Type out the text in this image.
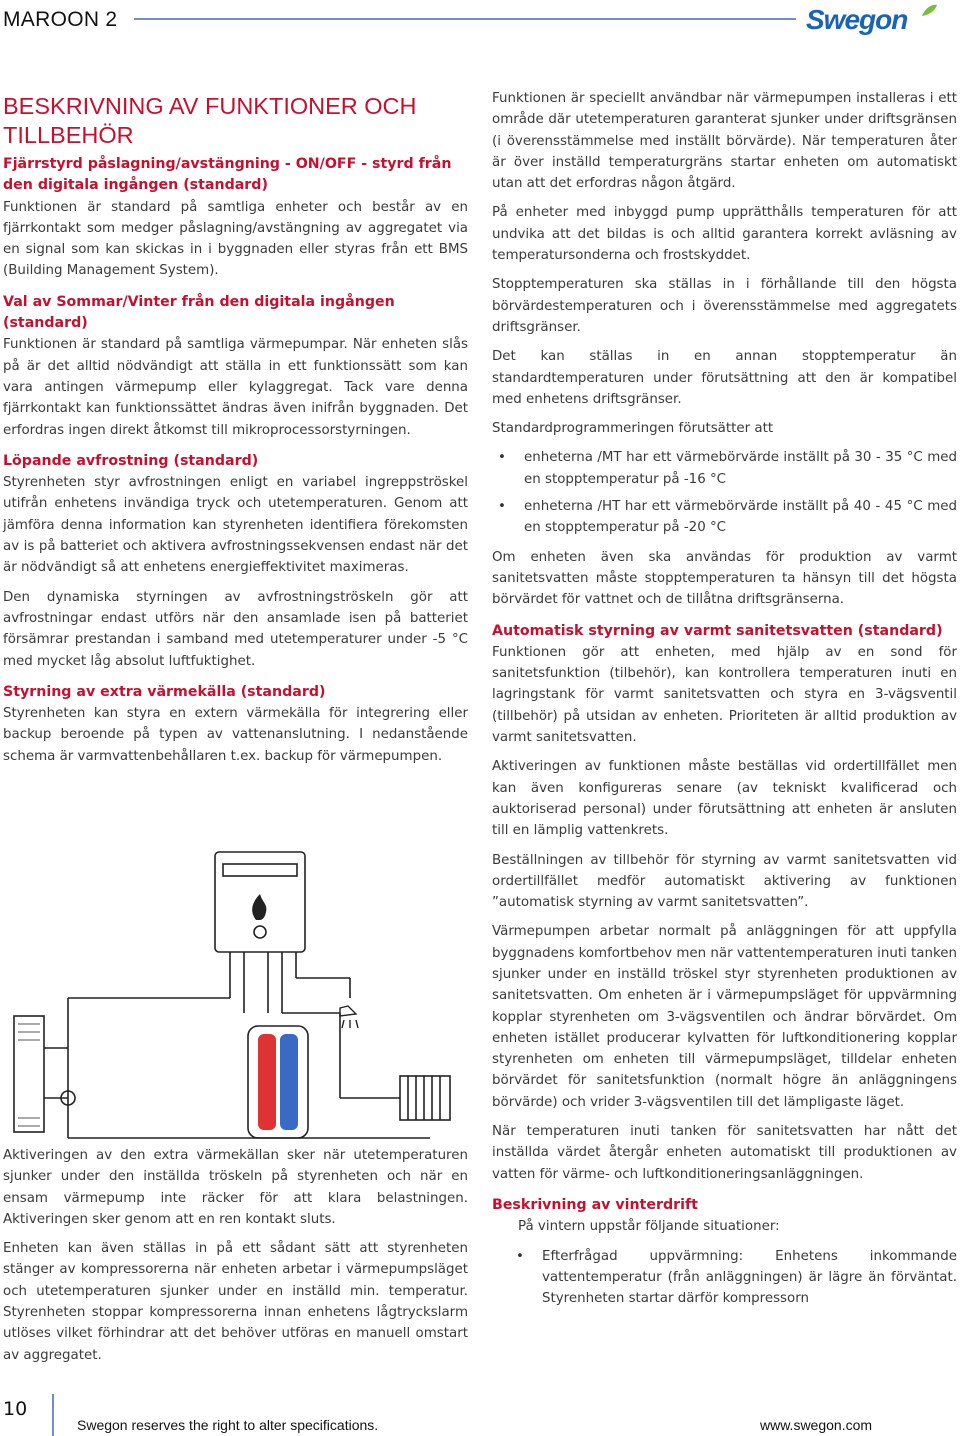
MAROON 2	Swegon
BESKRIVNING AV FUNKTIONER OCH TILLBEHÖR
Fjärrstyrd påslagning/avstängning - ON/OFF - styrd från den digitala ingången (standard)

Funktionen är standard på samtliga enheter och består av en fjärrkontakt som medger påslagning/avstängning av aggregatet via en signal som kan skickas in i byggnaden eller styras från ett BMS (Building Management System).

Val av Sommar/Vinter från den digitala ingången (standard)

Funktionen är standard på samtliga värmepumpar. När enheten slås på är det alltid nödvändigt att ställa in ett funktionssätt som kan vara antingen värmepump eller kylaggregat. Tack vare denna fjärrkontakt kan funktionssättet ändras även inifrån byggnaden. Det erfordras ingen direkt åtkomst till mikroprocessorstyrningen.

Löpande avfrostning (standard)

Styrenheten styr avfrostningen enligt en variabel ingreppströskel utifrån enhetens invändiga tryck och utetemperaturen. Genom att jämföra denna information kan styrenheten identifiera förekomsten av is på batteriet och aktivera avfrostningssekvensen endast när det är nödvändigt så att enhetens energieffektivitet maximeras.

Den dynamiska styrningen av avfrostningströskeln gör att avfrostningar endast utförs när den ansamlade isen på batteriet försämrar prestandan i samband med utetemperaturer under -5 °C med mycket låg absolut luftfuktighet.

Styrning av extra värmekälla (standard)

Styrenheten kan styra en extern värmekälla för integrering eller backup beroende på typen av vattenanslutning. I nedanstående schema är varmvattenbehållaren t.ex. backup för värmepumpen.

Aktiveringen av den extra värmekällan sker när utetemperaturen sjunker under den inställda tröskeln på styrenheten och när en ensam värmepump inte räcker för att klara belastningen. Aktiveringen sker genom att en ren kontakt sluts.

Enheten kan även ställas in på ett sådant sätt att styrenheten stänger av kompressorerna när enheten arbetar i värmepumpsläget och utetemperaturen sjunker under en inställd min. temperatur. Styrenheten stoppar kompressorerna innan enhetens lågtryckslarm utlöses vilket förhindrar att det behöver utföras en manuell omstart av aggregatet.

Funktionen är speciellt användbar när värmepumpen installeras i ett område där utetemperaturen garanterat sjunker under driftsgränsen (i överensstämmelse med inställt börvärde). När temperaturen åter är över inställd temperaturgräns startar enheten om automatiskt utan att det erfordras någon åtgärd.

På enheter med inbyggd pump upprätthålls temperaturen för att undvika att det bildas is och alltid garantera korrekt avläsning av temperatursonderna och frostskyddet.

Stopptemperaturen ska ställas in i förhållande till den högsta börvärdestemperaturen och i överensstämmelse med aggregatets driftsgränser.

Det kan ställas in en annan stopptemperatur än standardtemperaturen under förutsättning att den är kompatibel med enhetens driftsgränser.

Standardprogrammeringen förutsätter att

• enheterna /MT har ett värmebörvärde inställt på 30 - 35 °C med en stopptemperatur på -16 °C
• enheterna /HT har ett värmebörvärde inställt på 40 - 45 °C med en stopptemperatur på -20 °C

Om enheten även ska användas för produktion av varmt sanitetsvatten måste stopptemperaturen ta hänsyn till det högsta börvärdet för vattnet och de tillåtna driftsgränserna.

Automatisk styrning av varmt sanitetsvatten (standard)

Funktionen gör att enheten, med hjälp av en sond för sanitetsfunktion (tilbehör), kan kontrollera temperaturen inuti en lagringstank för varmt sanitetsvatten och styra en 3-vägsventil (tillbehör) på utsidan av enheten. Prioriteten är alltid produktion av varmt sanitetsvatten.

Aktiveringen av funktionen måste beställas vid ordertillfället men kan även konfigureras senare (av tekniskt kvalificerad och auktoriserad personal) under förutsättning att enheten är ansluten till en lämplig vattenkrets.

Beställningen av tillbehör för styrning av varmt sanitetsvatten vid ordertillfället medför automatiskt aktivering av funktionen ”automatisk styrning av varmt sanitetsvatten”.

Värmepumpen arbetar normalt på anläggningen för att uppfylla byggnadens komfortbehov men när vattentemperaturen inuti tanken sjunker under en inställd tröskel styr styrenheten produktionen av sanitetsvatten. Om enheten är i värmepumpsläget för uppvärmning kopplar styrenheten om 3-vägsventilen och ändrar börvärdet. Om enheten istället producerar kylvatten för luftkonditionering kopplar styrenheten om enheten till värmepumpsläget, tilldelar enheten börvärdet för sanitetsfunktion (normalt högre än anläggningens börvärde) och vrider 3-vägsventilen till det lämpligaste läget.

När temperaturen inuti tanken för sanitetsvatten har nått det inställda värdet återgår enheten automatiskt till produktionen av vatten för värme- och luftkonditioneringsanläggningen.

Beskrivning av vinterdrift

På vintern uppstår följande situationer:

• Efterfrågad uppvärmning: Enhetens inkommande vattentemperatur (från anläggningen) är lägre än förväntat. Styrenheten startar därför kompressorn
10
Swegon reserves the right to alter specifications.	www.swegon.com
